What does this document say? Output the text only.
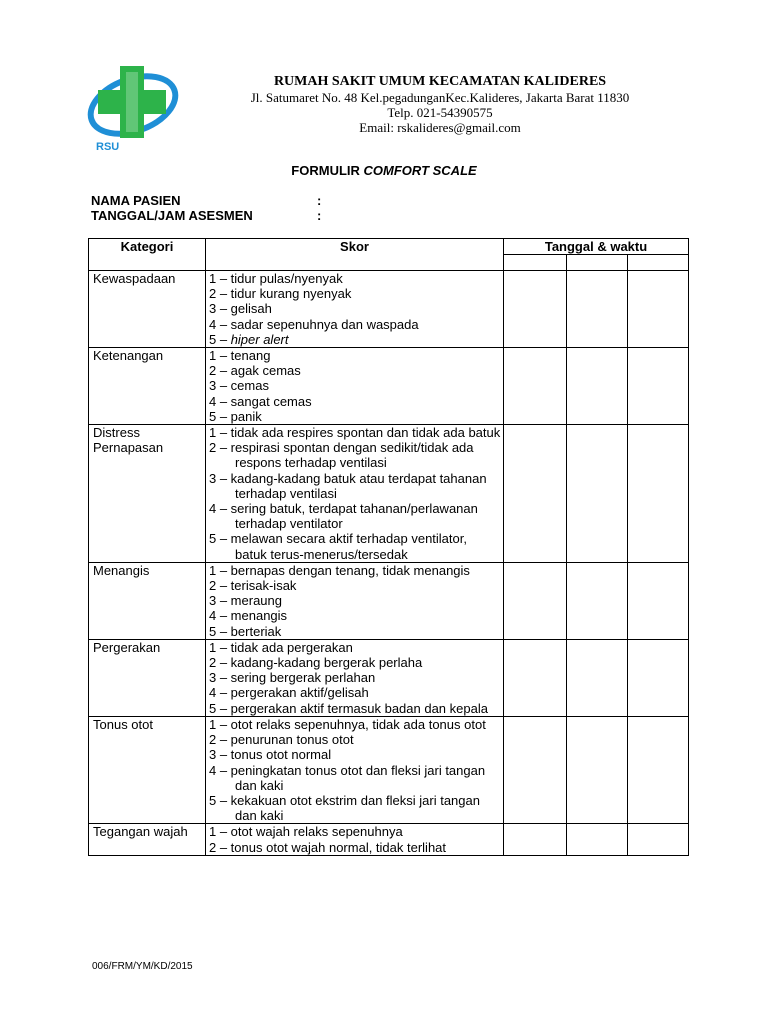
RSU
RUMAH SAKIT UMUM KECAMATAN KALIDERES
Jl. Satumaret No. 48 Kel.pegadunganKec.Kalideres, Jakarta Barat 11830
Telp. 021-54390575
Email: rskalideres@gmail.com
FORMULIR COMFORT SCALE
NAMA PASIEN	:
TANGGAL/JAM ASESMEN	:
Kategori	Skor	Tanggal & waktu		

Kewaspadaan	1 – tidur pulas/nyenyak
2 – tidur kurang nyenyak
3 – gelisah
4 – sadar sepenuhnya dan waspada
5 – hiper alert			

Ketenangan	1 – tenang
2 – agak cemas
3 – cemas
4 – sangat cemas
5 – panik			

Distress Pernapasan	1 – tidak ada respires spontan dan tidak ada batuk
2 – respirasi spontan dengan sedikit/tidak ada respons terhadap ventilasi
3 – kadang-kadang batuk atau terdapat tahanan terhadap ventilasi
4 – sering batuk, terdapat tahanan/perlawanan terhadap ventilator
5 – melawan secara aktif terhadap ventilator, batuk terus-menerus/tersedak			

Menangis	1 – bernapas dengan tenang, tidak menangis
2 – terisak-isak
3 – meraung
4 – menangis
5 – berteriak			

Pergerakan	1 – tidak ada pergerakan
2 – kadang-kadang bergerak perlaha
3 – sering bergerak perlahan
4 – pergerakan aktif/gelisah
5 – pergerakan aktif termasuk badan dan kepala			

Tonus otot	1 – otot relaks sepenuhnya, tidak ada tonus otot
2 – penurunan tonus otot
3 – tonus otot normal
4 – peningkatan tonus otot dan fleksi jari tangan dan kaki
5 – kekakuan otot ekstrim dan fleksi jari tangan dan kaki			

Tegangan wajah	1 – otot wajah relaks sepenuhnya
2 – tonus otot wajah normal, tidak terlihat			

006/FRM/YM/KD/2015
